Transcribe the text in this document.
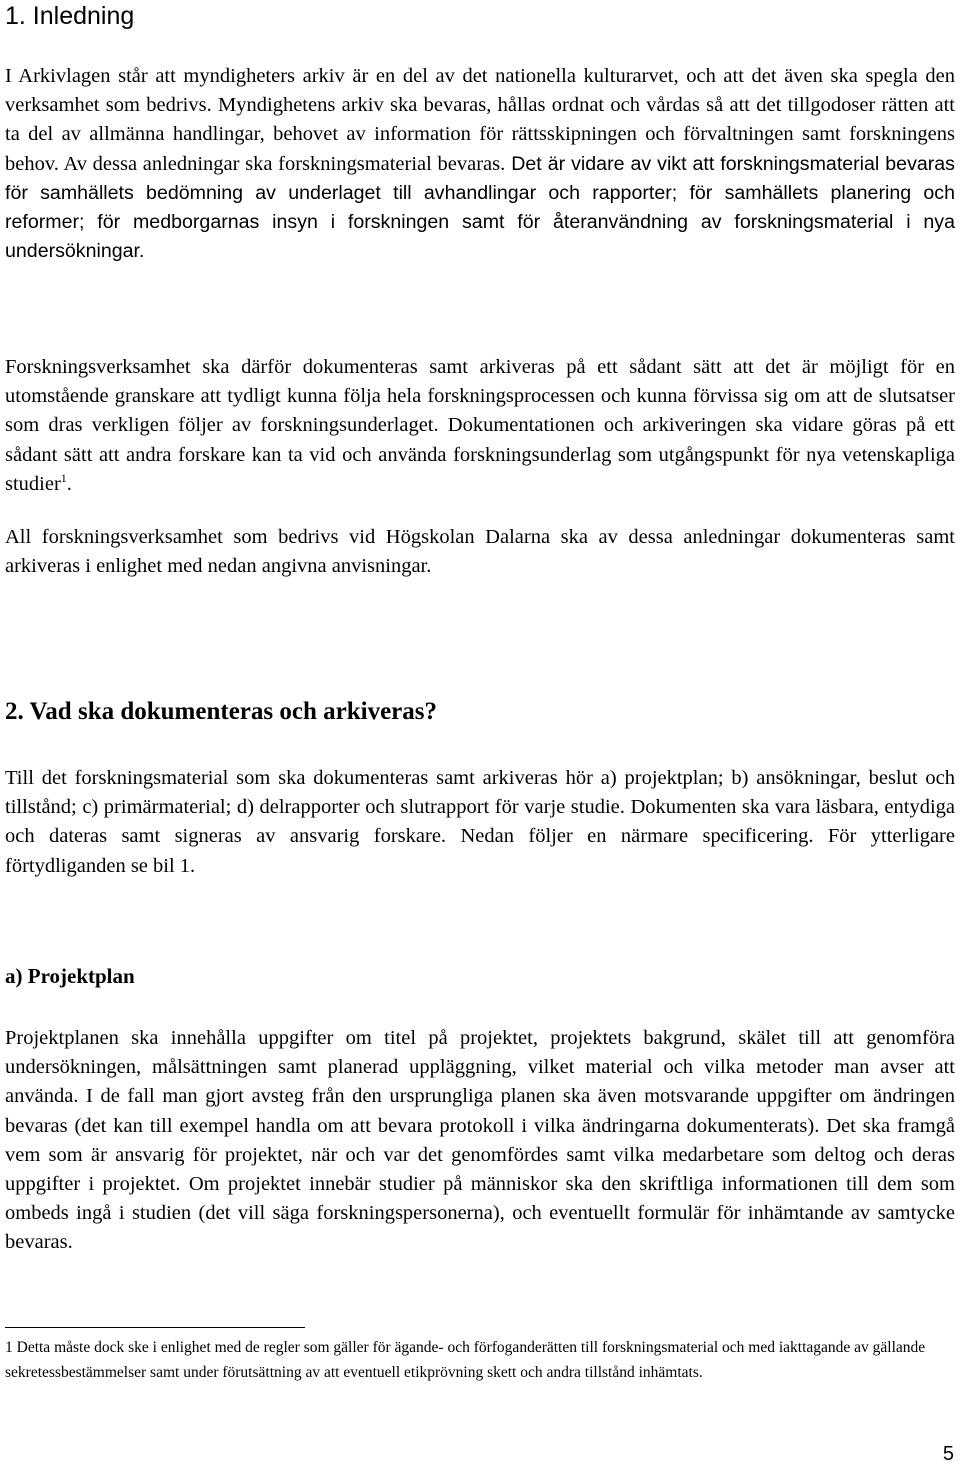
1. Inledning

I Arkivlagen står att myndigheters arkiv är en del av det nationella kulturarvet, och att det även ska spegla den verksamhet som bedrivs. Myndighetens arkiv ska bevaras, hållas ordnat och vårdas så att det tillgodoser rätten att ta del av allmänna handlingar, behovet av information för rättsskipningen och förvaltningen samt forskningens behov. Av dessa anledningar ska forskningsmaterial bevaras. Det är vidare av vikt att forskningsmaterial bevaras för samhällets bedömning av underlaget till avhandlingar och rapporter; för samhällets planering och reformer; för medborgarnas insyn i forskningen samt för återanvändning av forskningsmaterial i nya undersökningar.

Forskningsverksamhet ska därför dokumenteras samt arkiveras på ett sådant sätt att det är möjligt för en utomstående granskare att tydligt kunna följa hela forskningsprocessen och kunna förvissa sig om att de slutsatser som dras verkligen följer av forskningsunderlaget. Dokumentationen och arkiveringen ska vidare göras på ett sådant sätt att andra forskare kan ta vid och använda forskningsunderlag som utgångspunkt för nya vetenskapliga studier$^1$.

All forskningsverksamhet som bedrivs vid Högskolan Dalarna ska av dessa anledningar dokumenteras samt arkiveras i enlighet med nedan angivna anvisningar.

2. Vad ska dokumenteras och arkiveras?

Till det forskningsmaterial som ska dokumenteras samt arkiveras hör a) projektplan; b) ansökningar, beslut och tillstånd; c) primärmaterial; d) delrapporter och slutrapport för varje studie. Dokumenten ska vara läsbara, entydiga och dateras samt signeras av ansvarig forskare. Nedan följer en närmare specificering. För ytterligare förtydliganden se bil 1.

a) Projektplan

Projektplanen ska innehålla uppgifter om titel på projektet, projektets bakgrund, skälet till att genomföra undersökningen, målsättningen samt planerad uppläggning, vilket material och vilka metoder man avser att använda. I de fall man gjort avsteg från den ursprungliga planen ska även motsvarande uppgifter om ändringen bevaras (det kan till exempel handla om att bevara protokoll i vilka ändringarna dokumenterats). Det ska framgå vem som är ansvarig för projektet, när och var det genomfördes samt vilka medarbetare som deltog och deras uppgifter i projektet. Om projektet innebär studier på människor ska den skriftliga informationen till dem som ombeds ingå i studien (det vill säga forskningspersonerna), och eventuellt formulär för inhämtande av samtycke bevaras.

1 Detta måste dock ske i enlighet med de regler som gäller för ägande- och förfoganderätten till forskningsmaterial och med iakttagande av gällande sekretessbestämmelser samt under förutsättning av att eventuell etikprövning skett och andra tillstånd inhämtats.

5
